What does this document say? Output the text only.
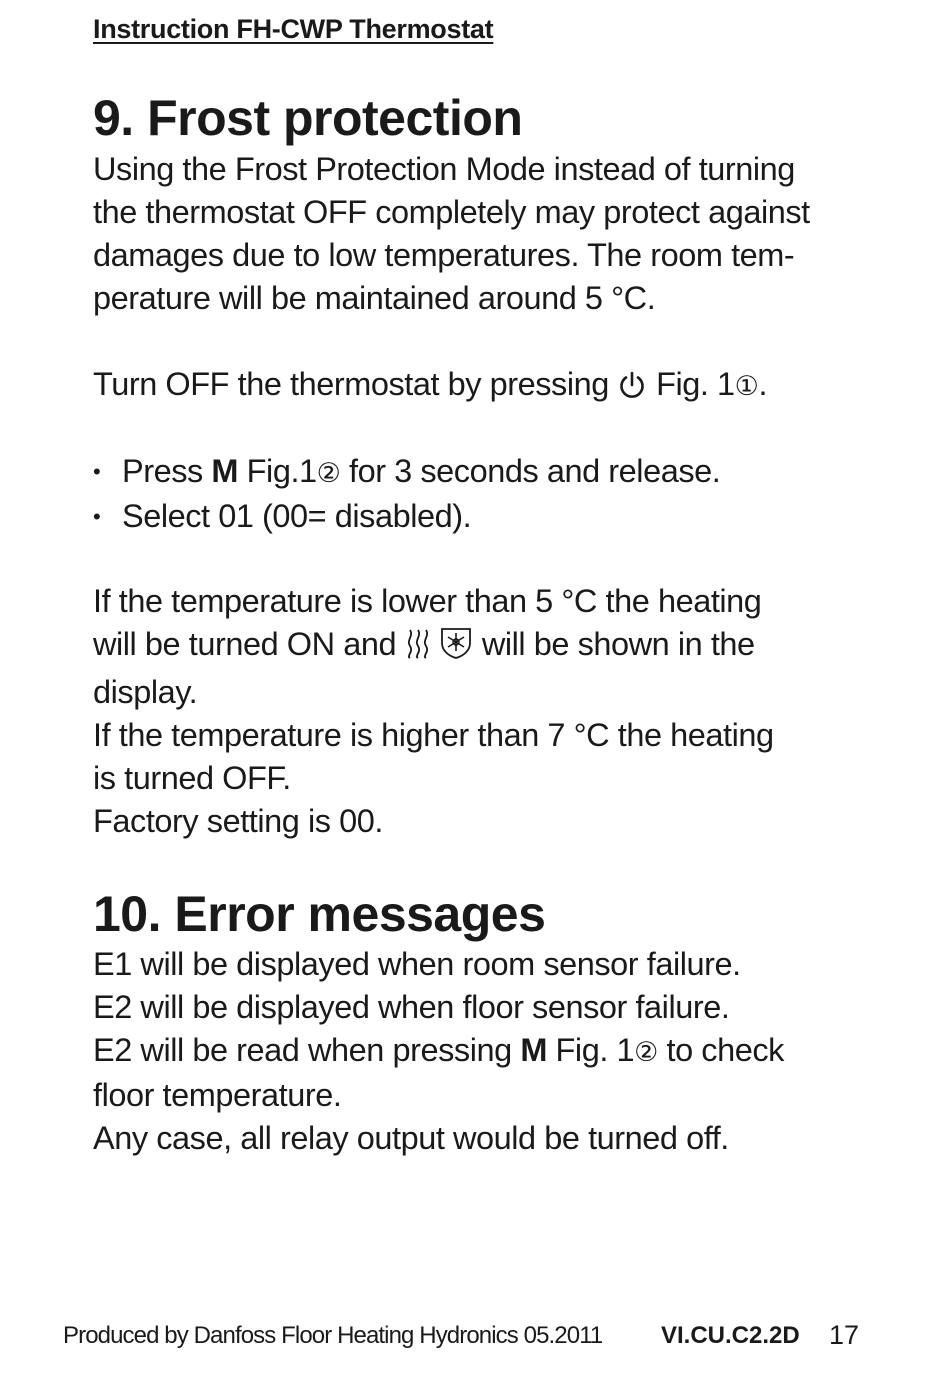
Instruction FH-CWP Thermostat
9. Frost protection

Using the Frost Protection Mode instead of turning
the thermostat OFF completely may protect against
damages due to low temperatures. The room tem-
perature will be maintained around 5 °C.

Turn OFF the thermostat by pressing Fig. 1①.

• Press M Fig.1② for 3 seconds and release.
• Select 01 (00= disabled).

If the temperature is lower than 5 °C the heating
will be turned ON and	will be shown in the
display.
If the temperature is higher than 7 °C the heating
is turned OFF.
Factory setting is 00.

10. Error messages

E1 will be displayed when room sensor failure.
E2 will be displayed when floor sensor failure.
E2 will be read when pressing M Fig. 1② to check
floor temperature.
Any case, all relay output would be turned off.

Produced by Danfoss Floor Heating Hydronics 05.2011 VI.CU.C2.2D 17
